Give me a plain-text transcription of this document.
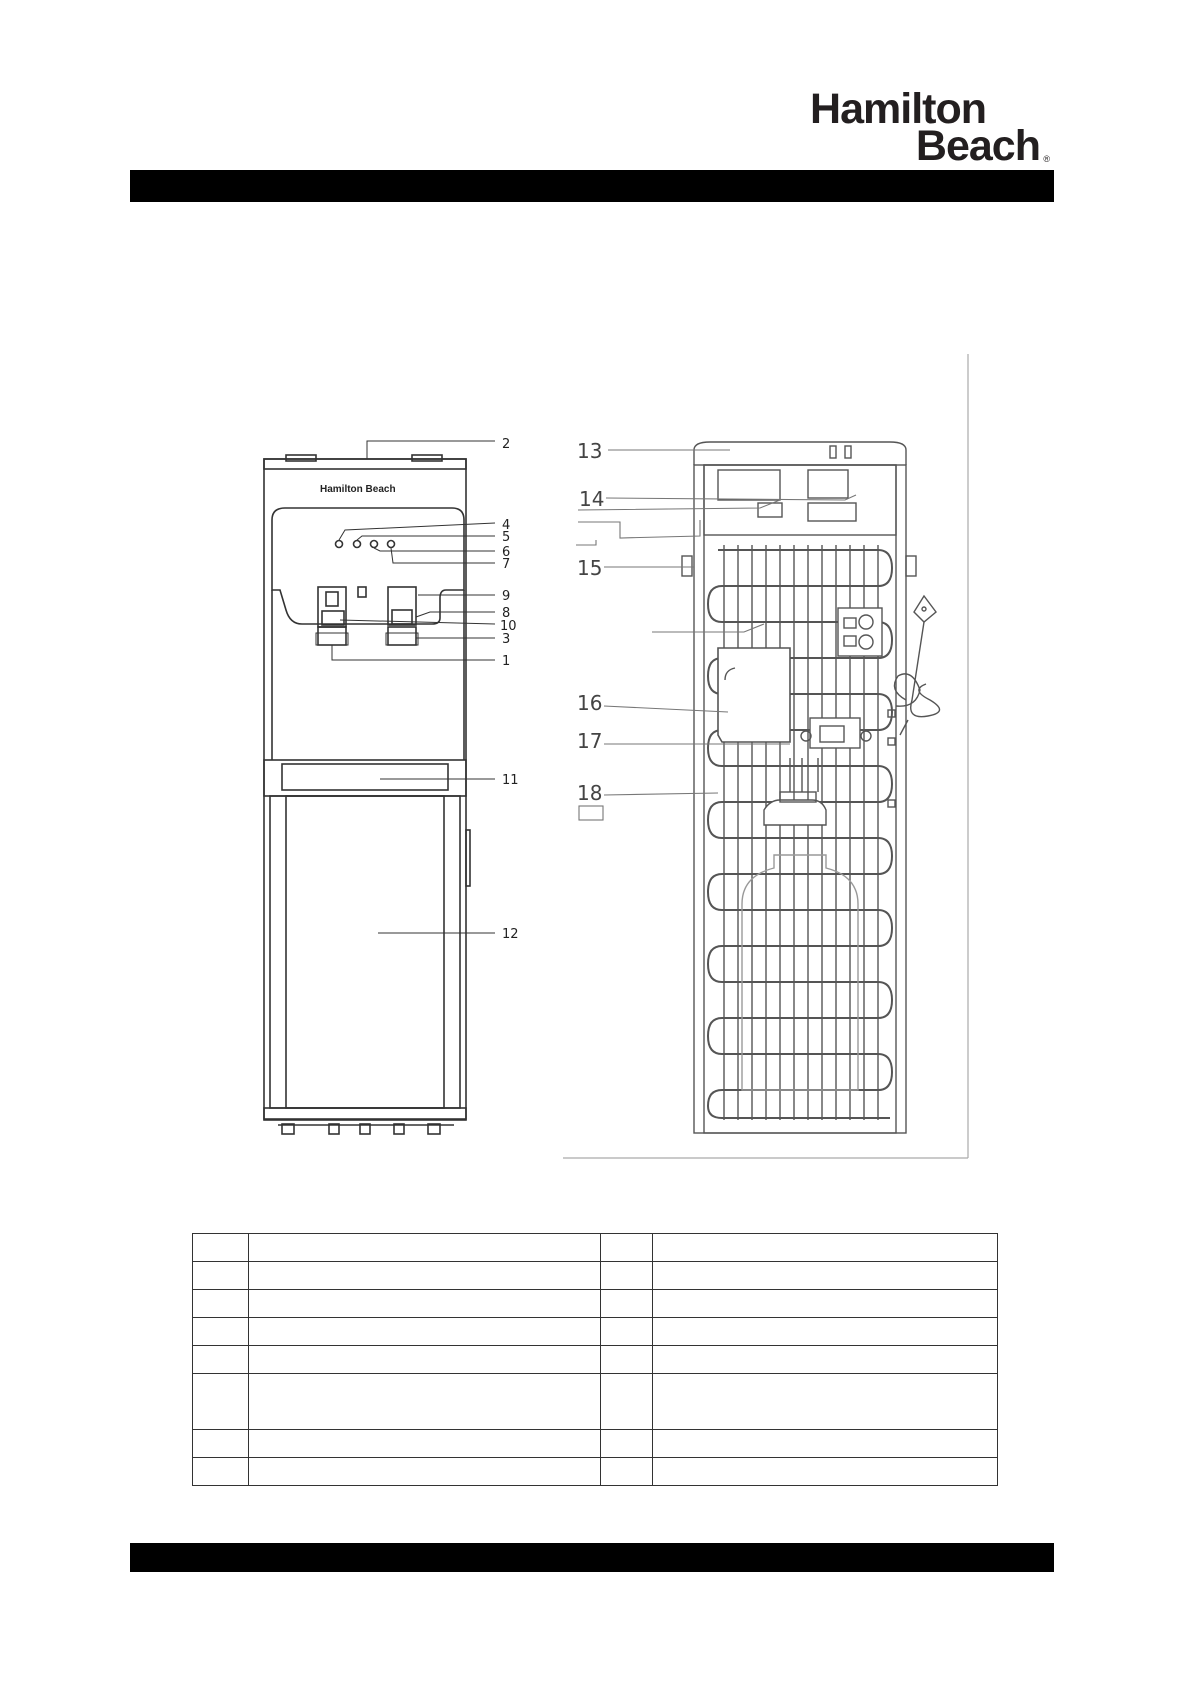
Hamilton
Beach ®
Hamilton Beach
2
4
5
6
7
9
8
10
3
1
11
12
13
14
15
16
17
18
